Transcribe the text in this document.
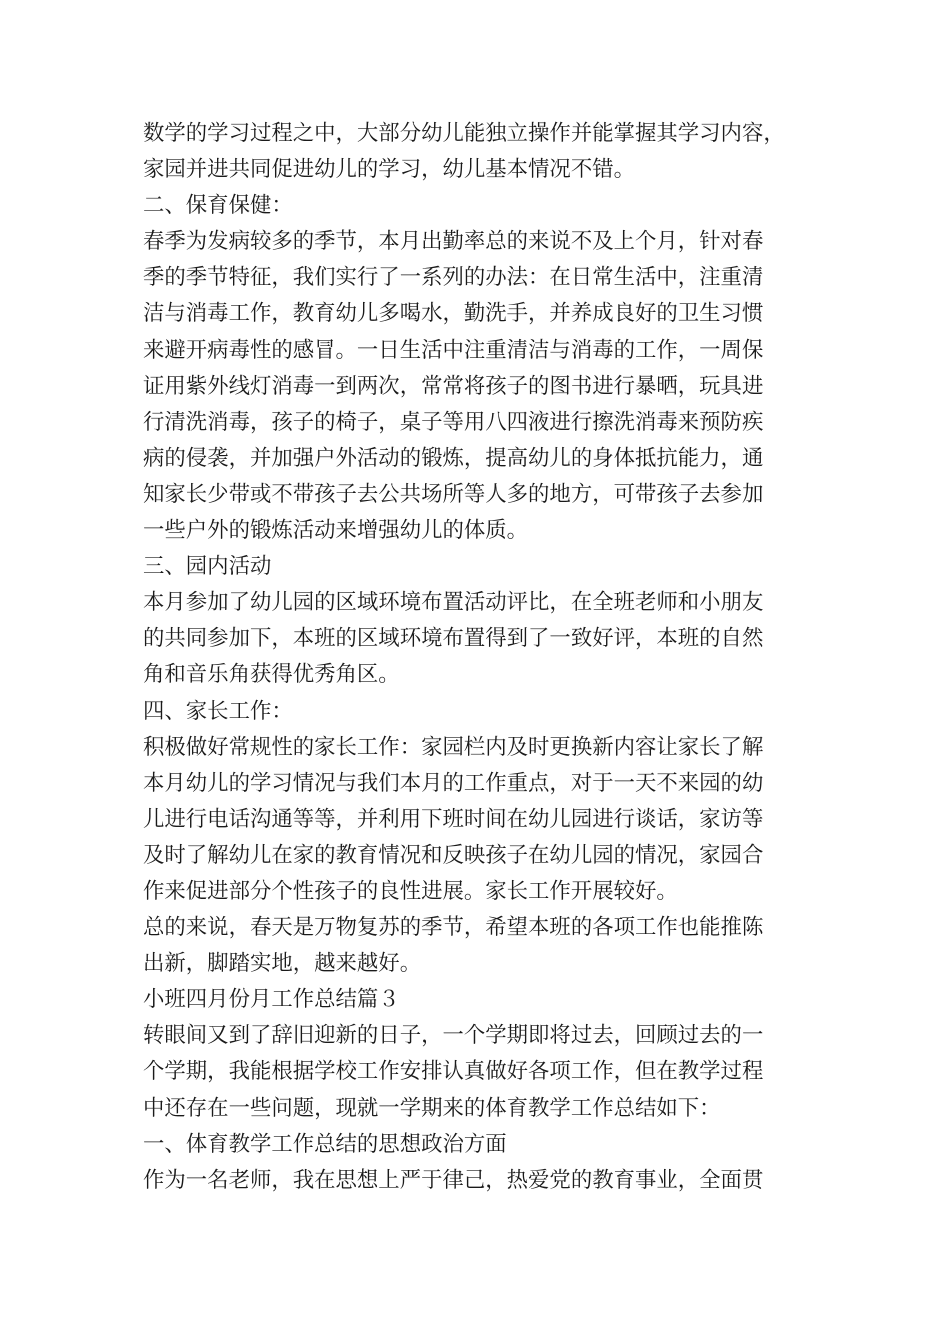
数学的学习过程之中，大部分幼儿能独立操作并能掌握其学习内容，
家园并进共同促进幼儿的学习，幼儿基本情况不错。
二、保育保健：
春季为发病较多的季节，本月出勤率总的来说不及上个月，针对春
季的季节特征，我们实行了一系列的办法：在日常生活中，注重清
洁与消毒工作，教育幼儿多喝水，勤洗手，并养成良好的卫生习惯
来避开病毒性的感冒。一日生活中注重清洁与消毒的工作，一周保
证用紫外线灯消毒一到两次，常常将孩子的图书进行暴晒，玩具进
行清洗消毒，孩子的椅子，桌子等用八四液进行擦洗消毒来预防疾
病的侵袭，并加强户外活动的锻炼，提高幼儿的身体抵抗能力，通
知家长少带或不带孩子去公共场所等人多的地方，可带孩子去参加
一些户外的锻炼活动来增强幼儿的体质。
三、园内活动
本月参加了幼儿园的区域环境布置活动评比，在全班老师和小朋友
的共同参加下，本班的区域环境布置得到了一致好评，本班的自然
角和音乐角获得优秀角区。
四、家长工作：
积极做好常规性的家长工作：家园栏内及时更换新内容让家长了解
本月幼儿的学习情况与我们本月的工作重点，对于一天不来园的幼
儿进行电话沟通等等，并利用下班时间在幼儿园进行谈话，家访等
及时了解幼儿在家的教育情况和反映孩子在幼儿园的情况，家园合
作来促进部分个性孩子的良性进展。家长工作开展较好。
总的来说，春天是万物复苏的季节，希望本班的各项工作也能推陈
出新，脚踏实地，越来越好。
小班四月份月工作总结篇３
转眼间又到了辞旧迎新的日子，一个学期即将过去，回顾过去的一
个学期，我能根据学校工作安排认真做好各项工作，但在教学过程
中还存在一些问题，现就一学期来的体育教学工作总结如下：
一、体育教学工作总结的思想政治方面
作为一名老师，我在思想上严于律己，热爱党的教育事业，全面贯
